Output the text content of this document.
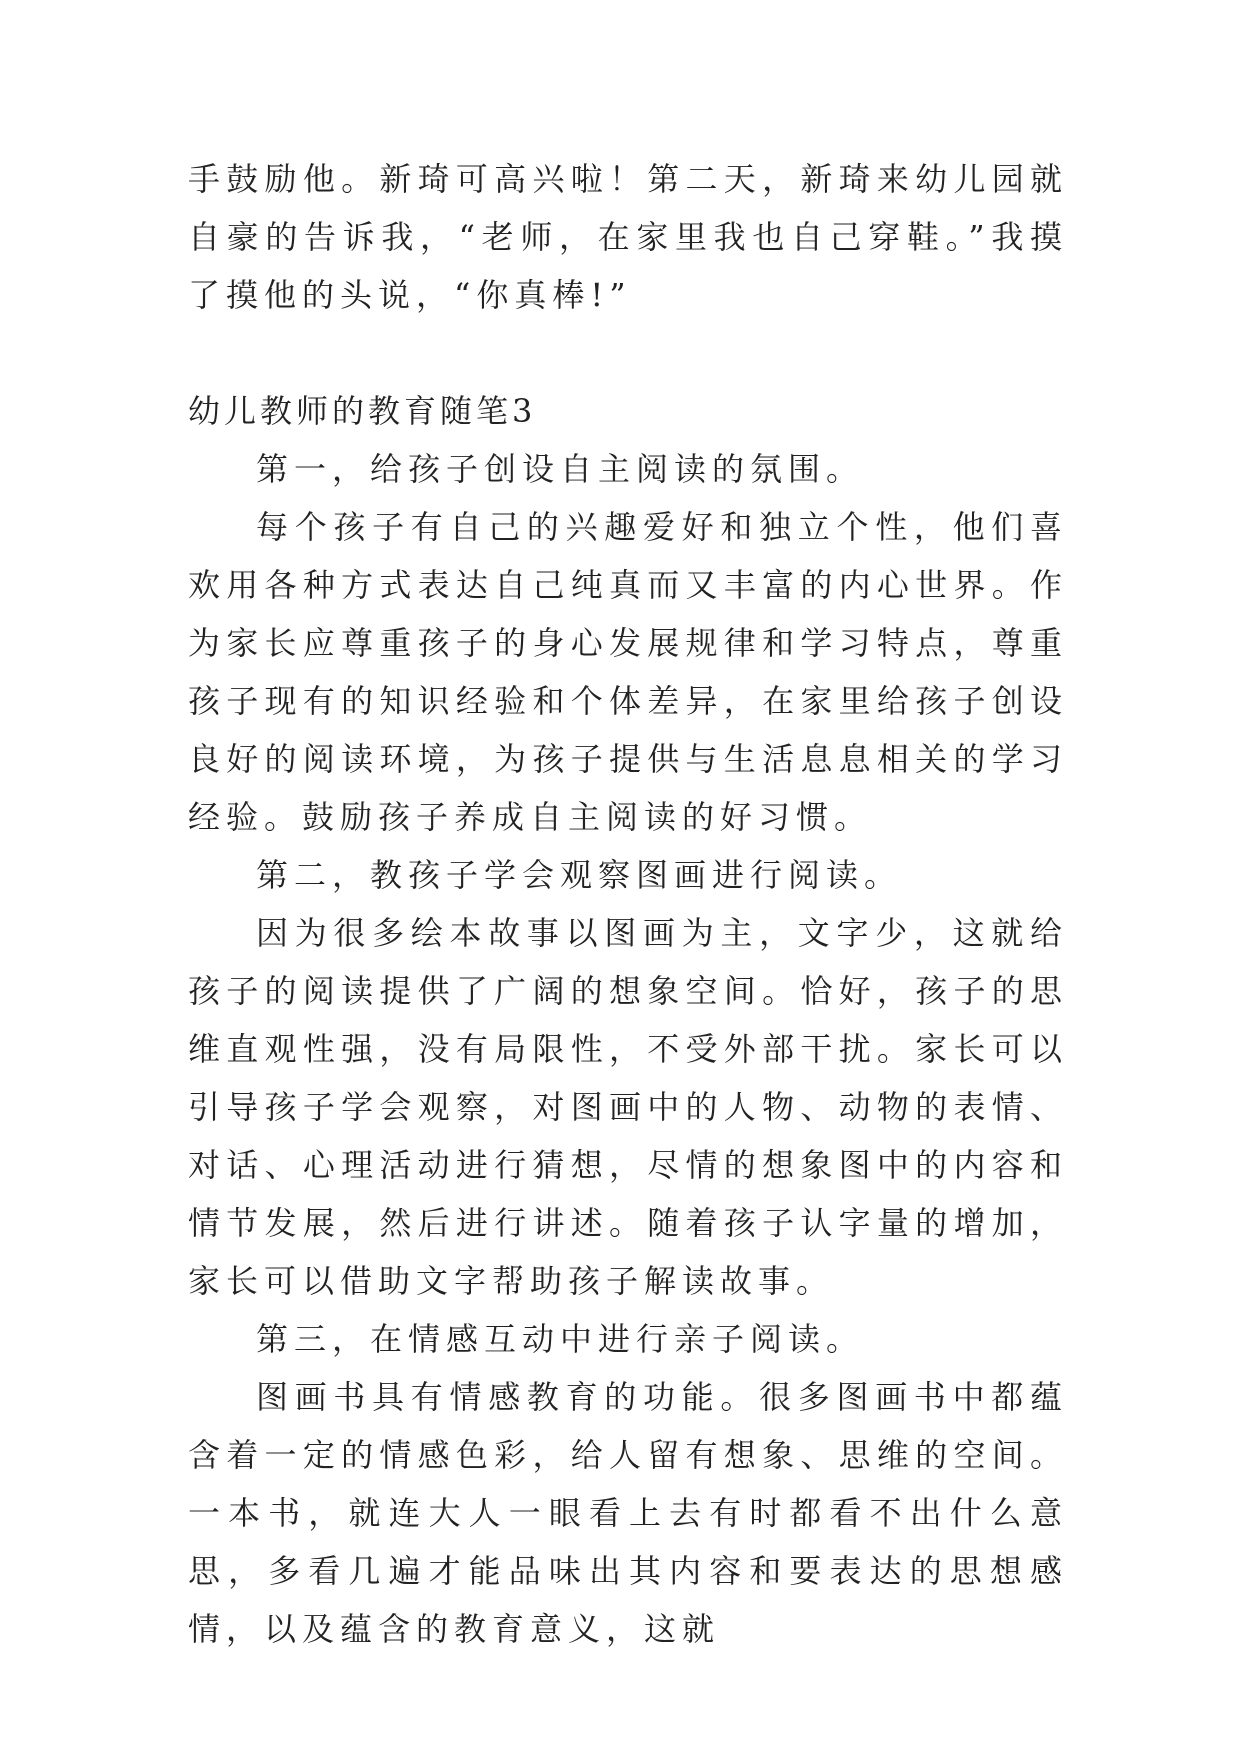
手鼓励他。新琦可高兴啦！第二天，新琦来幼儿园就自豪的告诉我，“老师，在家里我也自己穿鞋。”我摸了摸他的头说，“你真棒!”

幼儿教师的教育随笔3

第一，给孩子创设自主阅读的氛围。

每个孩子有自己的兴趣爱好和独立个性，他们喜欢用各种方式表达自己纯真而又丰富的内心世界。作为家长应尊重孩子的身心发展规律和学习特点，尊重孩子现有的知识经验和个体差异，在家里给孩子创设良好的阅读环境，为孩子提供与生活息息相关的学习经验。鼓励孩子养成自主阅读的好习惯。

第二，教孩子学会观察图画进行阅读。

因为很多绘本故事以图画为主，文字少，这就给孩子的阅读提供了广阔的想象空间。恰好，孩子的思维直观性强，没有局限性，不受外部干扰。家长可以引导孩子学会观察，对图画中的人物、动物的表情、对话、心理活动进行猜想，尽情的想象图中的内容和情节发展，然后进行讲述。随着孩子认字量的增加，家长可以借助文字帮助孩子解读故事。

第三，在情感互动中进行亲子阅读。

图画书具有情感教育的功能。很多图画书中都蕴含着一定的情感色彩，给人留有想象、思维的空间。一本书，就连大人一眼看上去有时都看不出什么意思，多看几遍才能品味出其内容和要表达的思想感情，以及蕴含的教育意义，这就
